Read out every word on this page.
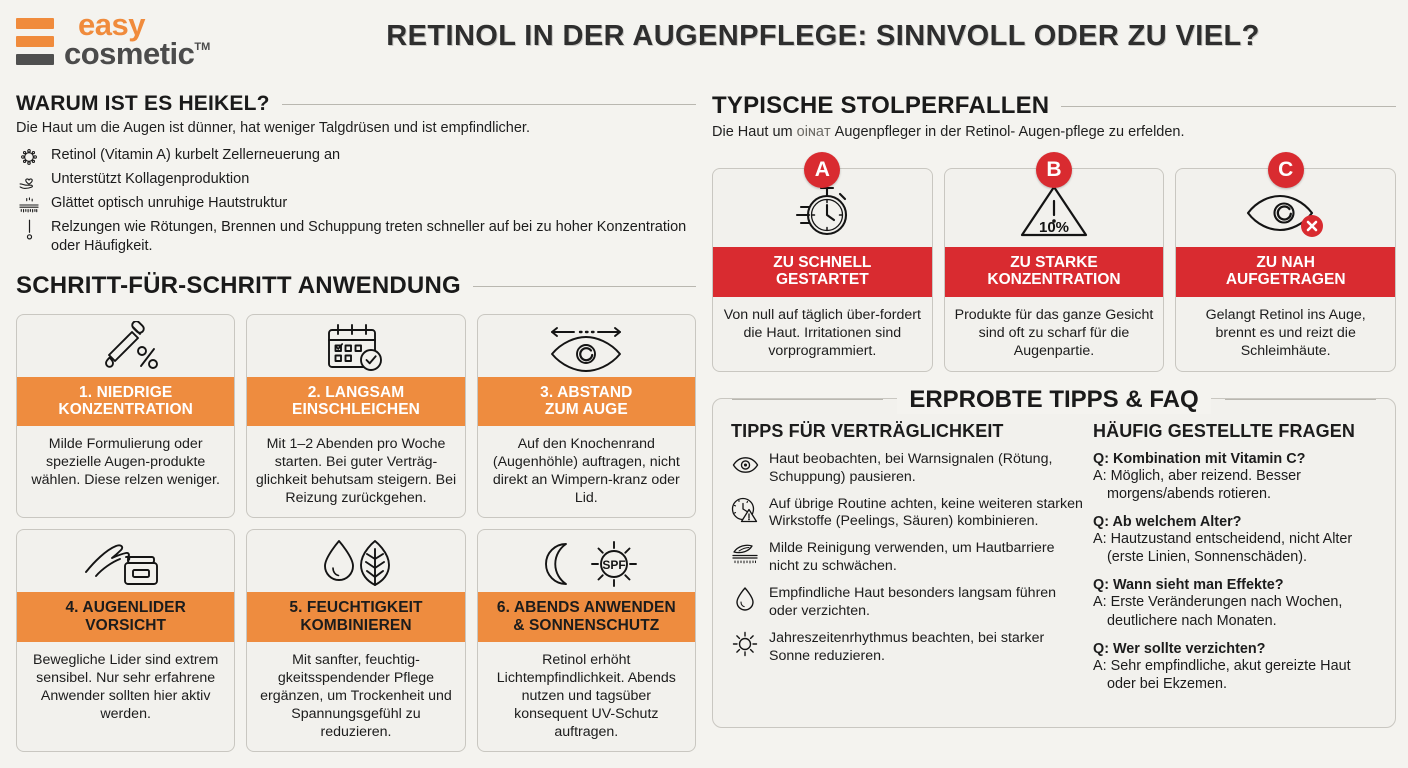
easy
cosmetic™	RETINOL IN DER AUGENPFLEGE: SINNVOLL ODER ZU VIEL?
WARUM IST ES HEIKEL?
Die Haut um die Augen ist dünner, hat weniger Talgdrüsen und ist empfindlicher.
Retinol (Vitamin A) kurbelt Zellerneuerung an
Unterstützt Kollagenproduktion
Glättet optisch unruhige Hautstruktur
Relzungen wie Rötungen, Brennen und Schuppung treten schneller auf bei zu hoher Konzentration oder Häufigkeit.
SCHRITT-FÜR-SCHRITT ANWENDUNG
1. NIEDRIGE
KONZENTRATION
Milde Formulierung oder spezielle Augen-produkte wählen. Diese relzen weniger.
2. LANGSAM
EINSCHLEICHEN
Mit 1–2 Abenden pro Woche starten. Bei guter Verträg-glichkeit behutsam steigern. Bei Reizung zurückgehen.
3. ABSTAND
ZUM AUGE
Auf den Knochenrand (Augenhöhle) auftragen, nicht direkt an Wimpern-kranz oder Lid.
4. AUGENLIDER
VORSICHT
Bewegliche Lider sind extrem sensibel. Nur sehr erfahrene Anwender sollten hier aktiv werden.
5. FEUCHTIGKEIT
KOMBINIEREN
Mit sanfter, feuchtig-gkeitsspendender Pflege ergänzen, um Trockenheit und Spannungsgefühl zu reduzieren.
SPF
6. ABENDS ANWENDEN
& SONNENSCHUTZ
Retinol erhöht Lichtempfindlichkeit. Abends nutzen und tagsüber konsequent UV-Schutz auftragen.
TYPISCHE STOLPERFALLEN
Die Haut um oiɴaт Augenpfleger in der Retinol- Augen-pflege zu erfelden.
A
ZU SCHNELL
GESTARTET
Von null auf täglich über-fordert die Haut. Irritationen sind vorprogrammiert.
B
10%
ZU STARKE
KONZENTRATION
Produkte für das ganze Gesicht sind oft zu scharf für die Augenpartie.
C
ZU NAH
AUFGETRAGEN
Gelangt Retinol ins Auge, brennt es und reizt die Schleimhäute.
ERPROBTE TIPPS & FAQ
TIPPS FÜR VERTRÄGLICHKEIT
Haut beobachten, bei Warnsignalen (Rötung, Schuppung) pausieren.
Auf übrige Routine achten, keine weiteren starken Wirkstoffe (Peelings, Säuren) kombinieren.
Milde Reinigung verwenden, um Hautbarriere nicht zu schwächen.
Empfindliche Haut besonders langsam führen oder verzichten.
Jahreszeitenrhythmus beachten, bei starker Sonne reduzieren.
HÄUFIG GESTELLTE FRAGEN
Q: Kombination mit Vitamin C?
A: Möglich, aber reizend. Besser morgens/abends rotieren.
Q: Ab welchem Alter?
A: Hautzustand entscheidend, nicht Alter (erste Linien, Sonnenschäden).
Q: Wann sieht man Effekte?
A: Erste Veränderungen nach Wochen, deutlichere nach Monaten.
Q: Wer sollte verzichten?
A: Sehr empfindliche, akut gereizte Haut oder bei Ekzemen.
